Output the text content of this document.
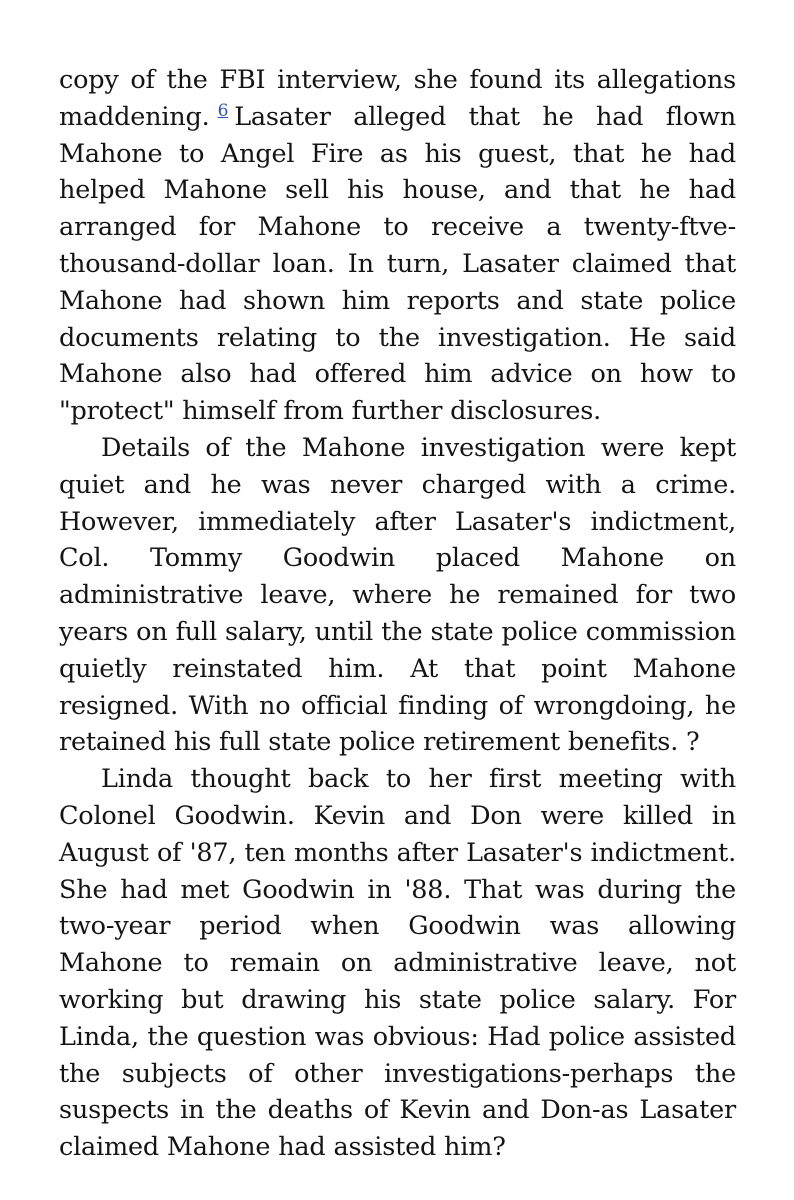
copy of the FBI interview, she found its allegations maddening. $^6$ Lasater alleged that he had flown Mahone to Angel Fire as his guest, that he had helped Mahone sell his house, and that he had arranged for Mahone to receive a twenty-ftve-thousand-dollar loan. In turn, Lasater claimed that Mahone had shown him reports and state police documents relating to the investigation. He said Mahone also had offered him advice on how to "protect" himself from further disclosures.

Details of the Mahone investigation were kept quiet and he was never charged with a crime. However, immediately after Lasater's indictment, Col. Tommy Goodwin placed Mahone on administrative leave, where he remained for two years on full salary, until the state police commission quietly reinstated him. At that point Mahone resigned. With no official finding of wrongdoing, he retained his full state police retirement benefits. ?

Linda thought back to her first meeting with Colonel Goodwin. Kevin and Don were killed in August of '87, ten months after Lasater's indictment. She had met Goodwin in '88. That was during the two-year period when Goodwin was allowing Mahone to remain on administrative leave, not working but drawing his state police salary. For Linda, the question was obvious: Had police assisted the subjects of other investigations-perhaps the suspects in the deaths of Kevin and Don-as Lasater claimed Mahone had assisted him?
